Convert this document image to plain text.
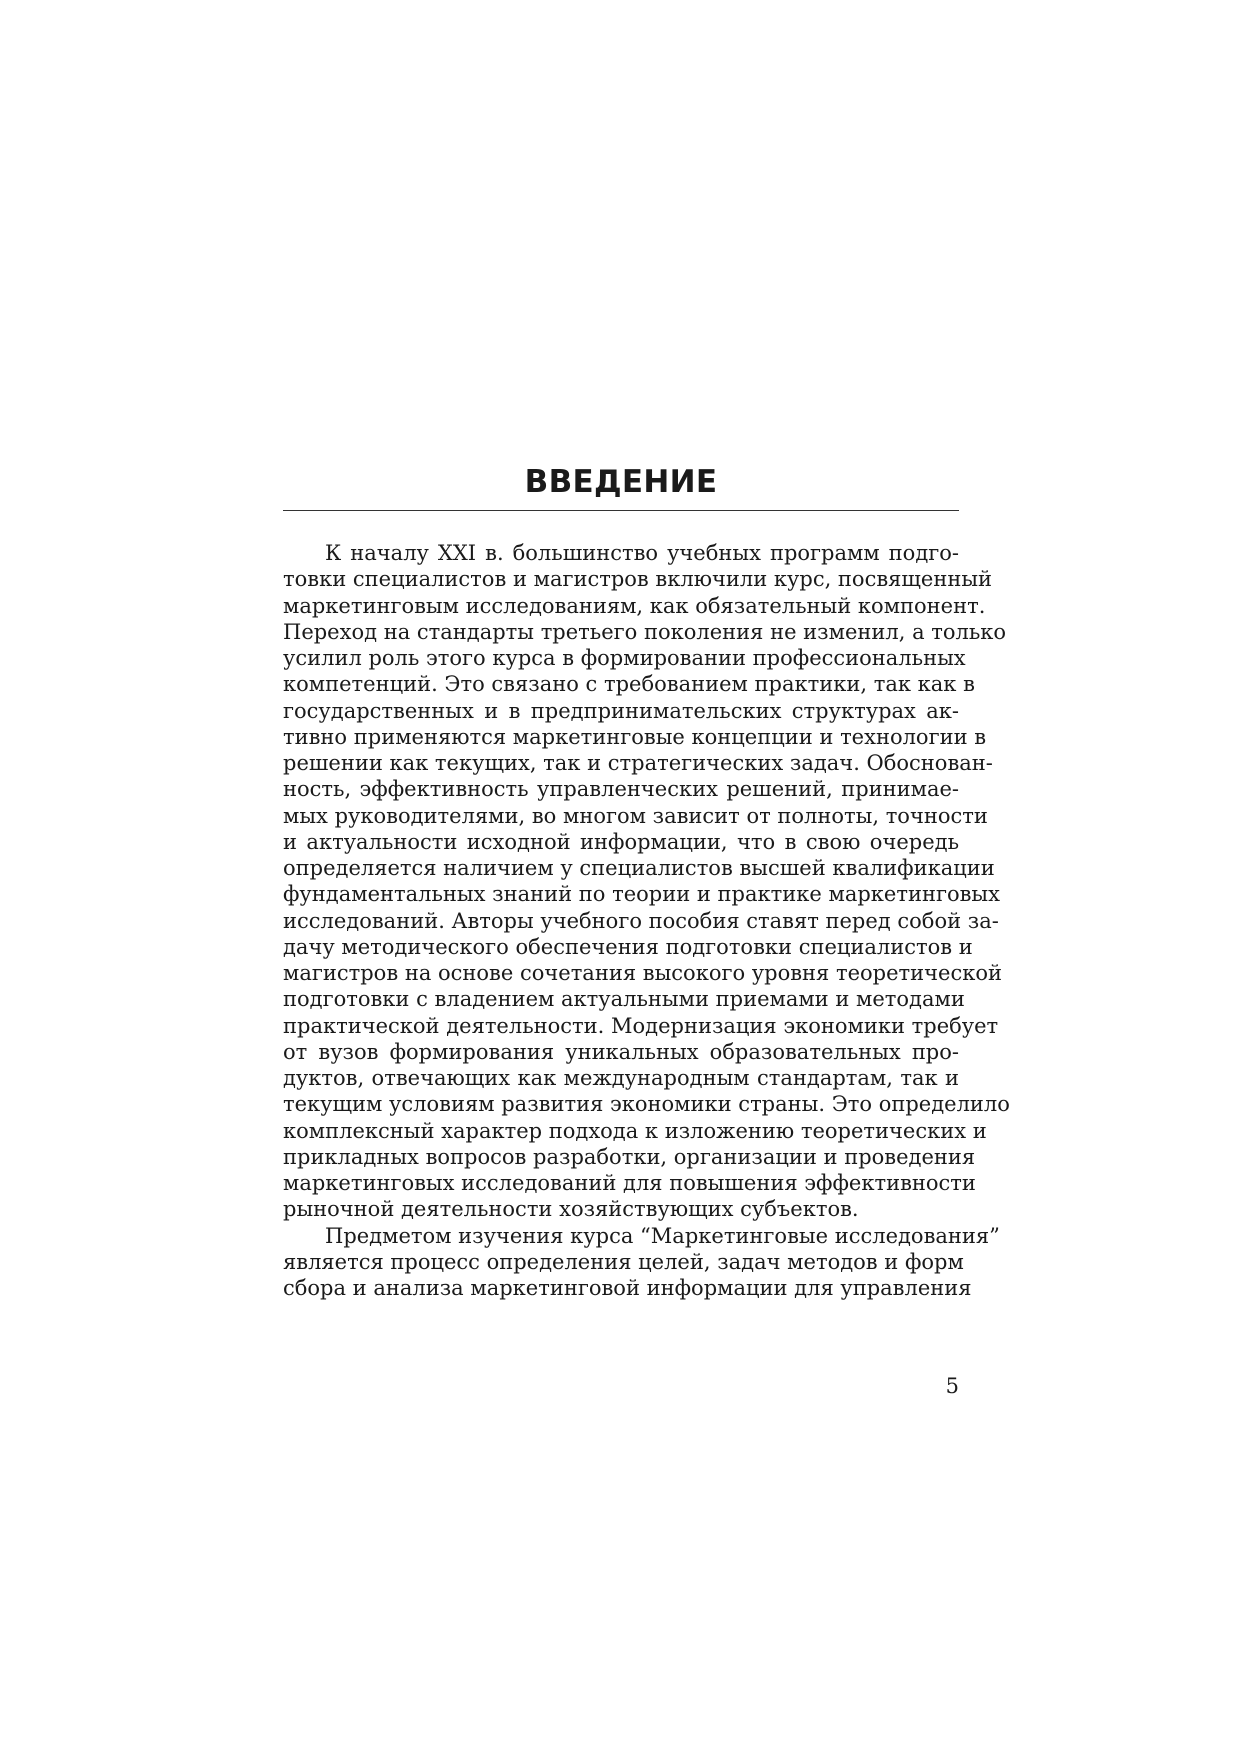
ВВЕДЕНИЕ
К началу XXI в. большинство учебных программ подго-
товки специалистов и магистров включили курс, посвященный
маркетинговым исследованиям, как обязательный компонент.
Переход на стандарты третьего поколения не изменил, а только
усилил роль этого курса в формировании профессиональных
компетенций. Это связано с требованием практики, так как в
государственных и в предпринимательских структурах ак-
тивно применяются маркетинговые концепции и технологии в
решении как текущих, так и стратегических задач. Обоснован-
ность, эффективность управленческих решений, принимае-
мых руководителями, во многом зависит от полноты, точности
и актуальности исходной информации, что в свою очередь
определяется наличием у специалистов высшей квалификации
фундаментальных знаний по теории и практике маркетинговых
исследований. Авторы учебного пособия ставят перед собой за-
дачу методического обеспечения подготовки специалистов и
магистров на основе сочетания высокого уровня теоретической
подготовки с владением актуальными приемами и методами
практической деятельности. Модернизация экономики требует
от вузов формирования уникальных образовательных про-
дуктов, отвечающих как международным стандартам, так и
текущим условиям развития экономики страны. Это определило
комплексный характер подхода к изложению теоретических и
прикладных вопросов разработки, организации и проведения
маркетинговых исследований для повышения эффективности
рыночной деятельности хозяйствующих субъектов.
Предметом изучения курса “Маркетинговые исследования”
является процесс определения целей, задач методов и форм
сбора и анализа маркетинговой информации для управления
5
